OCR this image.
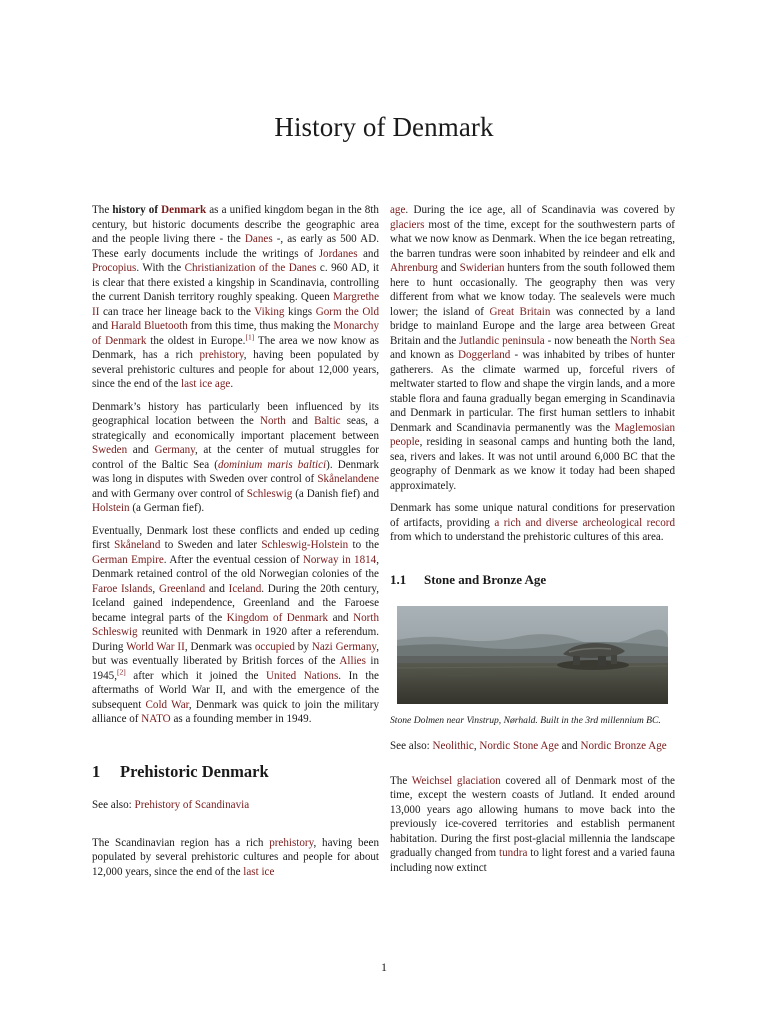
History of Denmark

The history of Denmark as a unified kingdom began in the 8th century, but historic documents describe the geographic area and the people living there - the Danes -, as early as 500 AD. These early documents include the writings of Jordanes and Procopius. With the Christianization of the Danes c. 960 AD, it is clear that there existed a kingship in Scandinavia, controlling the current Danish territory roughly speaking. Queen Margrethe II can trace her lineage back to the Viking kings Gorm the Old and Harald Bluetooth from this time, thus making the Monarchy of Denmark the oldest in Europe.[1] The area we now know as Denmark, has a rich prehistory, having been populated by several prehistoric cultures and people for about 12,000 years, since the end of the last ice age.

Denmark’s history has particularly been influenced by its geographical location between the North and Baltic seas, a strategically and economically important placement between Sweden and Germany, at the center of mutual struggles for control of the Baltic Sea (dominium maris baltici). Denmark was long in disputes with Sweden over control of Skånelandene and with Germany over control of Schleswig (a Danish fief) and Holstein (a German fief).

Eventually, Denmark lost these conflicts and ended up ceding first Skåneland to Sweden and later Schleswig-Holstein to the German Empire. After the eventual cession of Norway in 1814, Denmark retained control of the old Norwegian colonies of the Faroe Islands, Greenland and Iceland. During the 20th century, Iceland gained independence, Greenland and the Faroese became integral parts of the Kingdom of Denmark and North Schleswig reunited with Denmark in 1920 after a referendum. During World War II, Denmark was occupied by Nazi Germany, but was eventually liberated by British forces of the Allies in 1945,[2] after which it joined the United Nations. In the aftermaths of World War II, and with the emergence of the subsequent Cold War, Denmark was quick to join the military alliance of NATO as a founding member in 1949.

1 Prehistoric Denmark

See also: Prehistory of Scandinavia

The Scandinavian region has a rich prehistory, having been populated by several prehistoric cultures and people for about 12,000 years, since the end of the last ice

age. During the ice age, all of Scandinavia was covered by glaciers most of the time, except for the southwestern parts of what we now know as Denmark. When the ice began retreating, the barren tundras were soon inhabited by reindeer and elk and Ahrenburg and Swiderian hunters from the south followed them here to hunt occasionally. The geography then was very different from what we know today. The sealevels were much lower; the island of Great Britain was connected by a land bridge to mainland Europe and the large area between Great Britain and the Jutlandic peninsula - now beneath the North Sea and known as Doggerland - was inhabited by tribes of hunter gatherers. As the climate warmed up, forceful rivers of meltwater started to flow and shape the virgin lands, and a more stable flora and fauna gradually began emerging in Scandinavia and Denmark in particular. The first human settlers to inhabit Denmark and Scandinavia permanently was the Maglemosian people, residing in seasonal camps and hunting both the land, sea, rivers and lakes. It was not until around 6,000 BC that the geography of Denmark as we know it today had been shaped approximately.

Denmark has some unique natural conditions for preservation of artifacts, providing a rich and diverse archeological record from which to understand the prehistoric cultures of this area.

1.1 Stone and Bronze Age

Stone Dolmen near Vinstrup, Nørhald. Built in the 3rd millennium BC.

See also: Neolithic, Nordic Stone Age and Nordic Bronze Age

The Weichsel glaciation covered all of Denmark most of the time, except the western coasts of Jutland. It ended around 13,000 years ago allowing humans to move back into the previously ice-covered territories and establish permanent habitation. During the first post-glacial millennia the landscape gradually changed from tundra to light forest and a varied fauna including now extinct

1
